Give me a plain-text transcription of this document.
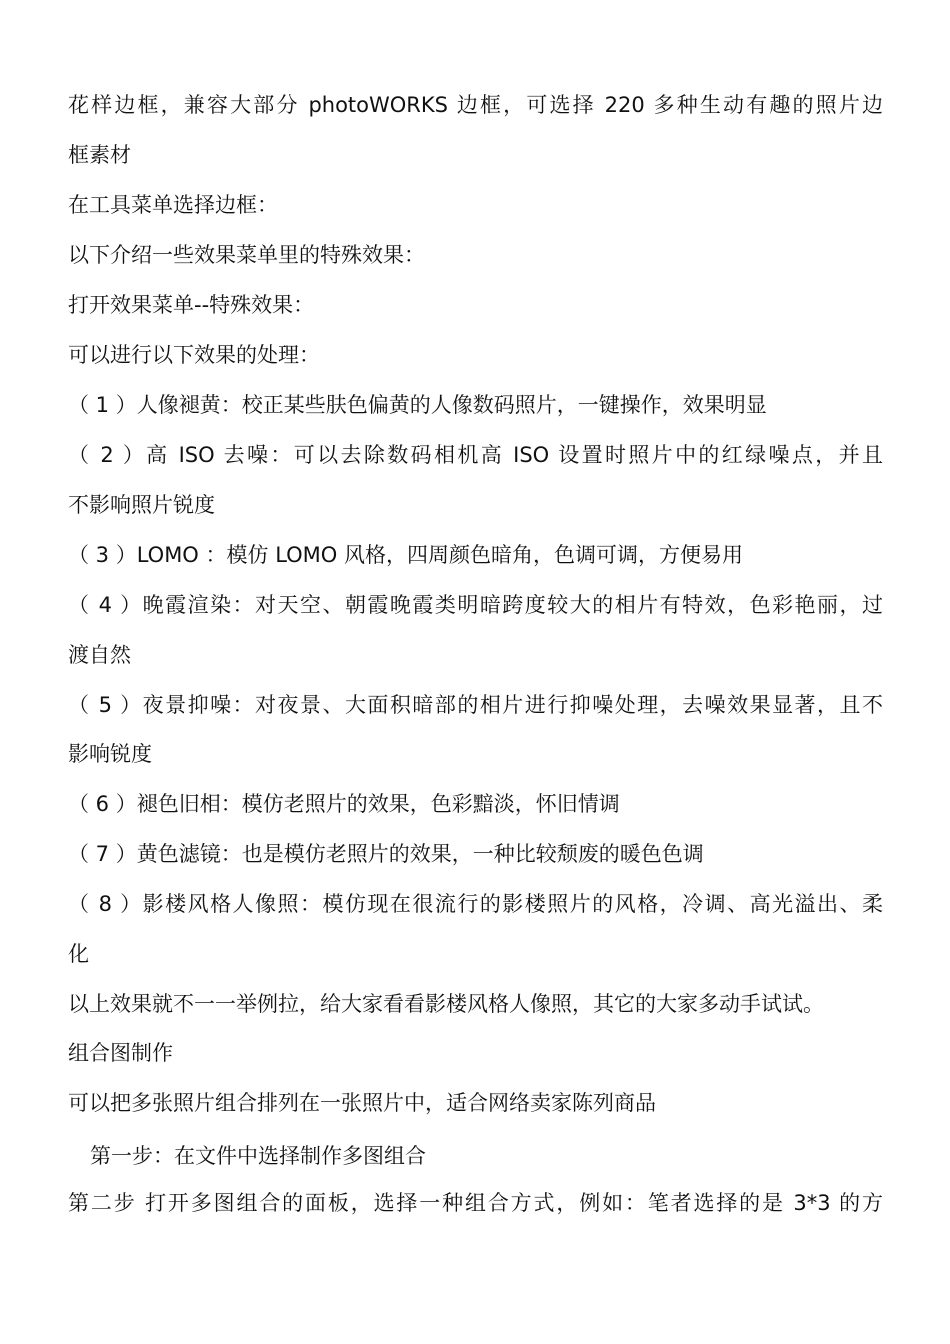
花样边框，兼容大部分 photoWORKS 边框，可选择 220 多种生动有趣的照片边
框素材
在工具菜单选择边框：
以下介绍一些效果菜单里的特殊效果：
打开效果菜单--特殊效果：
可以进行以下效果的处理：
（ 1 ）人像褪黄：校正某些肤色偏黄的人像数码照片，一键操作，效果明显
（ 2 ）高 ISO 去噪：可以去除数码相机高 ISO 设置时照片中的红绿噪点，并且
不影响照片锐度
（ 3 ）LOMO ：模仿 LOMO 风格，四周颜色暗角，色调可调，方便易用
（ 4 ）晚霞渲染：对天空、朝霞晚霞类明暗跨度较大的相片有特效，色彩艳丽，过
渡自然
（ 5 ）夜景抑噪：对夜景、大面积暗部的相片进行抑噪处理，去噪效果显著，且不
影响锐度
（ 6 ）褪色旧相：模仿老照片的效果，色彩黯淡，怀旧情调
（ 7 ）黄色滤镜：也是模仿老照片的效果，一种比较颓废的暖色色调
（ 8 ）影楼风格人像照：模仿现在很流行的影楼照片的风格，冷调、高光溢出、柔
化
以上效果就不一一举例拉，给大家看看影楼风格人像照，其它的大家多动手试试。
组合图制作
可以把多张照片组合排列在一张照片中，适合网络卖家陈列商品
第一步：在文件中选择制作多图组合
第二步 打开多图组合的面板，选择一种组合方式，例如：笔者选择的是 3*3 的方
